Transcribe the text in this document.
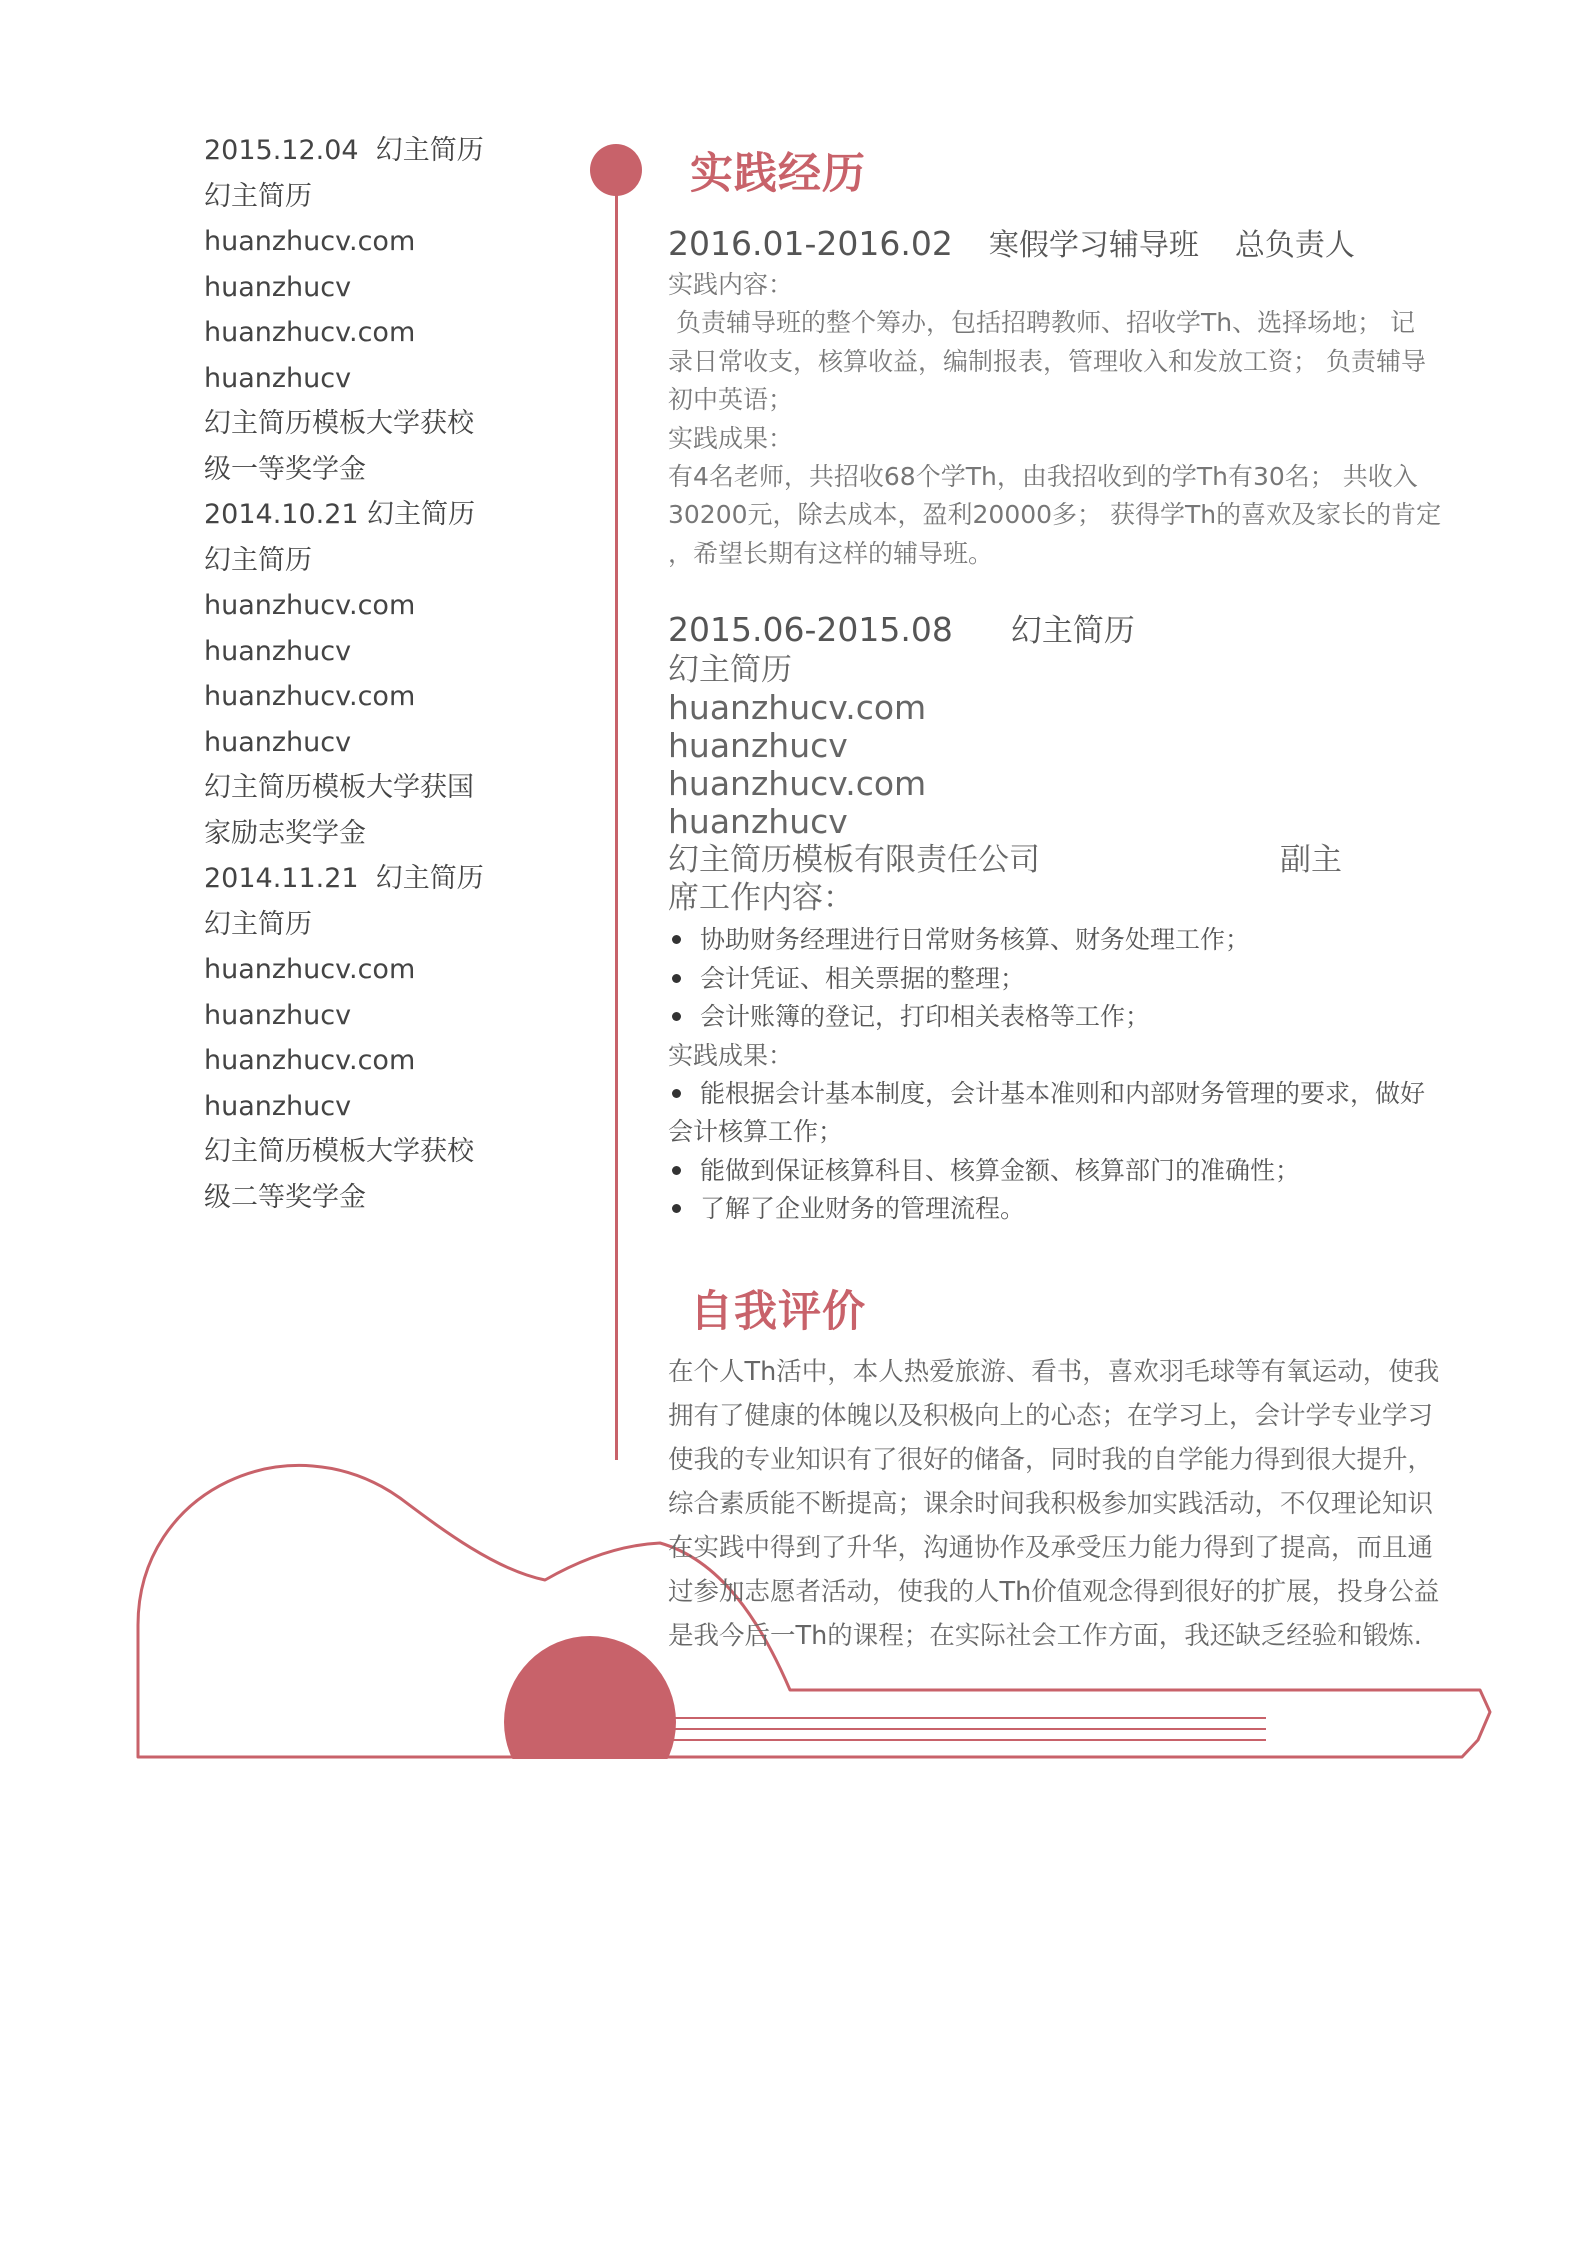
2015.12.04  幻主简历
幻主简历
huanzhucv.com
huanzhucv
huanzhucv.com
huanzhucv
幻主简历模板大学获校
级一等奖学金
2014.10.21 幻主简历
幻主简历
huanzhucv.com
huanzhucv
huanzhucv.com
huanzhucv
幻主简历模板大学获国
家励志奖学金
2014.11.21  幻主简历
幻主简历
huanzhucv.com
huanzhucv
huanzhucv.com
huanzhucv
幻主简历模板大学获校
级二等奖学金
实践经历
2016.01-2016.02 寒假学习辅导班 总负责人
实践内容：
负责辅导班的整个筹办，包括招聘教师、招收学Th、选择场地； 记
录日常收支，核算收益，编制报表，管理收入和发放工资； 负责辅导
初中英语；
实践成果：
有4名老师，共招收68个学Th，由我招收到的学Th有30名； 共收入
30200元，除去成本，盈利20000多； 获得学Th的喜欢及家长的肯定
，希望长期有这样的辅导班。
2015.06-2015.08 幻主简历
幻主简历
huanzhucv.com
huanzhucv
huanzhucv.com
huanzhucv
幻主简历模板有限责任公司	副主
席工作内容：
协助财务经理进行日常财务核算、财务处理工作；
会计凭证、相关票据的整理；
会计账簿的登记，打印相关表格等工作；
实践成果：
能根据会计基本制度，会计基本准则和内部财务管理的要求，做好
会计核算工作；
能做到保证核算科目、核算金额、核算部门的准确性；
了解了企业财务的管理流程。
自我评价
在个人Th活中，本人热爱旅游、看书，喜欢羽毛球等有氧运动，使我
拥有了健康的体魄以及积极向上的心态；在学习上，会计学专业学习
使我的专业知识有了很好的储备，同时我的自学能力得到很大提升，
综合素质能不断提高；课余时间我积极参加实践活动，不仅理论知识
在实践中得到了升华，沟通协作及承受压力能力得到了提高，而且通
过参加志愿者活动，使我的人Th价值观念得到很好的扩展，投身公益
是我今后一Th的课程；在实际社会工作方面，我还缺乏经验和锻炼.
